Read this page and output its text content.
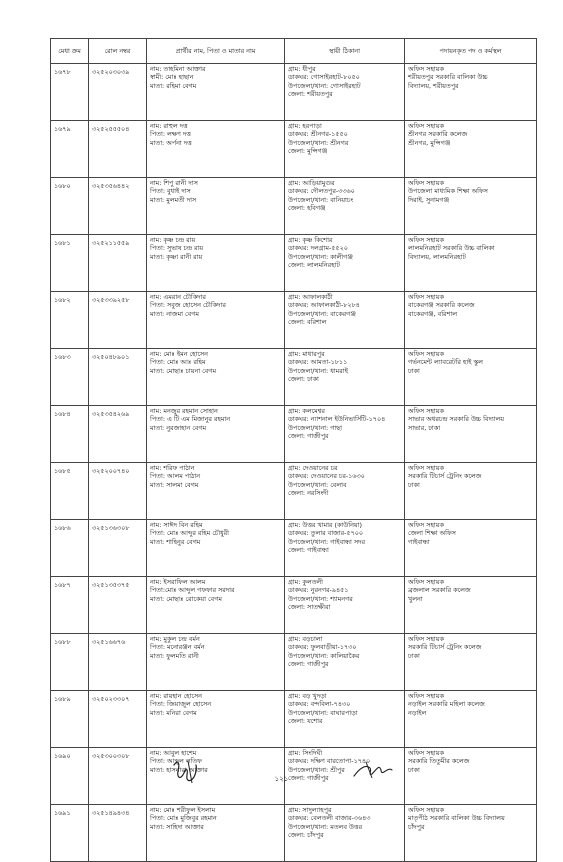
মেধা ক্রম	রোল নম্বর	প্রার্থীর নাম, পিতা ও মাতার নাম	স্থায়ী ঠিকানা	পদায়নকৃত পদ ও কর্মস্থল
১৬৭৮	৩২৫২০৩০৩৯	নাম: তাহমিনা আক্তার
স্বামী: মোঃ হাছান
মাতা: রহিমা বেগম	গ্রাম: ধীপুর
ডাকঘর: গোসাইরহাট-৮০৫০
উপজেলা/থানা: গোসাইরহাট
জেলা: শরীয়তপুর	অফিস সহায়ক
শরীয়তপুর সরকারি বালিকা উচ্চ
বিদ্যালয়, শরীয়তপুর

১৬৭৯	৩২৫২৫৫৫০৪	নাম: রাহুল দত্ত
পিতা: লক্ষণ দত্ত
মাতা: অর্পনা দত্ত	গ্রাম: হরপাড়া
ডাকঘর: শ্রীনগর-১৫৫০
উপজেলা/থানা: শ্রীনগর
জেলা: মুন্সিগঞ্জ	অফিস সহায়ক
শ্রীনগর সরকারি কলেজ
শ্রীনগর, মুন্সিগঞ্জ

১৬৮০	৩২৫৩৫৬৪৪২	নাম: শিপু রানী দাস
পিতা: বুধাই দাস
মাতা: মুলমতী দাস	গ্রাম: আড়িয়ামুগুর
ডাকঘর: দৌলতপুর-৩৩৬০
উপজেলা/থানা: বানিয়াচং
জেলা: হবিগঞ্জ	অফিস সহায়ক
উপজেলা মাধ্যমিক শিক্ষা অফিস
দিরাই, সুনামগঞ্জ

১৬৮১	৩২৫২১১৫৫৯	নাম: কৃষ্ণ চন্দ্র রায়
পিতা: সুভাষ চন্দ্র রায়
মাতা: কৃষ্ণা রানী রায়	গ্রাম: কৃষ্ণ কিশোর
ডাকঘর: দলগ্রাম-৫৫২০
উপজেলা/থানা: কালীগঞ্জ
জেলা: লালমনিরহাট	অফিস সহায়ক
লালমনিরহাট সরকারি উচ্চ বালিকা
বিদ্যালয়, লালমনিরহাট

১৬৮২	৩২৫৩৩৯২৫৮	নাম: এমরান চৌকিদার
পিতা: সবুজ হোসেন চৌকিদার
মাতা: নাজমা বেগম	গ্রাম: আফালকাঠী
ডাকঘর: আফালকাঠী-৮২৮৪
উপজেলা/থানা: বাকেরগঞ্জ
জেলা: বরিশাল	অফিস সহায়ক
বাকেরগঞ্জ সরকারি কলেজ
বাকেরগঞ্জ, বরিশাল

১৬৮৩	৩২৫০৪৮৯০১	নাম: মোঃ ইমন হোসেন
পিতা: মোঃ আঃ রহিম
মাতা: মোছাঃ চায়না বেগম	গ্রাম: মাধারপুর
ডাকঘর: আমতা-১৮১১
উপজেলা/থানা: ধামরাই
জেলা: ঢাকা	অফিস সহায়ক
গর্ভনমেন্ট ল্যাবরেটরি হাই স্কুল
ঢাকা

১৬৮৪	৩২৫৩৫৪২৬৯	নাম: মনজুর রহমান সোহান
পিতা: এ টি এম মিজানুর রহমান
মাতা: নুরজাহান বেগম	গ্রাম: কলমেশ্বর
ডাকঘর: ন্যাশনাল ইউনিভার্সিটি-১৭০৪
উপজেলা/থানা: গাছা
জেলা: গাজীপুর	অফিস সহায়ক
সাভার অধরচন্দ্র সরকারি উচ্চ বিদ্যালয়
সাভার, ঢাকা

১৬৮৫	৩২৫২০০৭৪০	নাম: শরিফ পাঠান
পিতা: আলম পাঠান
মাতা: সালমা বেগম	গ্রাম: দেওয়ানের চর
ডাকঘর: দেওয়ানের চর-১৬৩০
উপজেলা/থানা: বেলাব
জেলা: নরসিংদী	অফিস সহায়ক
সরকারি টিচার্স ট্রেনিং কলেজ
ঢাকা

১৬৮৬	৩২৫১৩৬৩০৮	নাম: সাঈদ বিন রহিম
পিতা: মোঃ আব্দুর রহিম চৌধুরী
মাতা: শাহিনুর বেগম	গ্রাম: উত্তর খামার (কাউনিয়া)
ডাকঘর: তুলার বাজার-৫৭০০
উপজেলা/থানা: গাইবান্ধা সদর
জেলা: গাইবান্ধা	অফিস সহায়ক
জেলা শিক্ষা অফিস
গাইবান্ধা

১৬৮৭	৩২৫১৩৫৩৭৫	নাম: ইসরাফিল আলম
পিতা:মোঃ আব্দুল গফফার সরদার
মাতা: মোছাঃ রোকেয়া বেগম	গ্রাম: কুলতলী
ডাকঘর: নুরনগর-৯৪৫১
উপজেলা/থানা: শ্যামনগর
জেলা: সাতক্ষীরা	অফিস সহায়ক
ব্রজলাল সরকারি কলেজ
খুলনা

১৬৮৮	৩২৫১৬৬৭৬	নাম: মুকুল চন্দ্র বর্মন
পিতা: মনোরঞ্জন বর্মন
মাতা: ফুলমতি রানী	গ্রাম: বড়চালা
ডাকঘর: ফুলবাড়ীয়া-১৭৩০
উপজেলা/থানা: কালিয়াকৈর
জেলা: গাজীপুর	অফিস সহায়ক
সরকারি টিচার্স ট্রেনিং কলেজ
ঢাকা

১৬৮৯	৩২৫০২৩৩০৭	নাম: রায়হান হোসেন
পিতা: জিয়াজুল হোসেন
মাতা: মনিরা বেগম	গ্রাম: বড় খুদড়া
ডাকঘর: বন্দবিলা-৭৪৩০
উপজেলা/থানা: বাঘারপাড়া
জেলা: যশোর	অফিস সহায়ক
নড়াইল সরকারি মহিলা কলেজ
নড়াইল

১৬৯০	৩২৫৩০০৩০৮	নাম: আবুল হাশেম
পিতা: আব্দুল লতিফ
মাতা: হাসনারা আক্তার	গ্রাম: সিংদিঘী
ডাকঘর: দক্ষিণ বারতোপা-১৭৪০
উপজেলা/থানা: শ্রীপুর
জেলা: গাজীপুর	অফিস সহায়ক
সরকারি তিতুমীর কলেজ
ঢাকা

১৬৯১	৩২৫১৪৯৪৩৪	নাম: মোঃ শরীফুল ইসলাম
পিতা: মোঃ মুজিবুর রহমান
মাতা: সাহিদা আক্তার	গ্রাম: সাদুল্যাহপুর
ডাকঘর: বেলতলী বাজার-৩৬৪৩
উপজেলা/থানা: মতলব উত্তর
জেলা: চাঁদপুর	অফিস সহায়ক
মাতৃপীঠ সরকারি বালিকা উচ্চ বিদ্যালয়
চাঁদপুর
১২১
